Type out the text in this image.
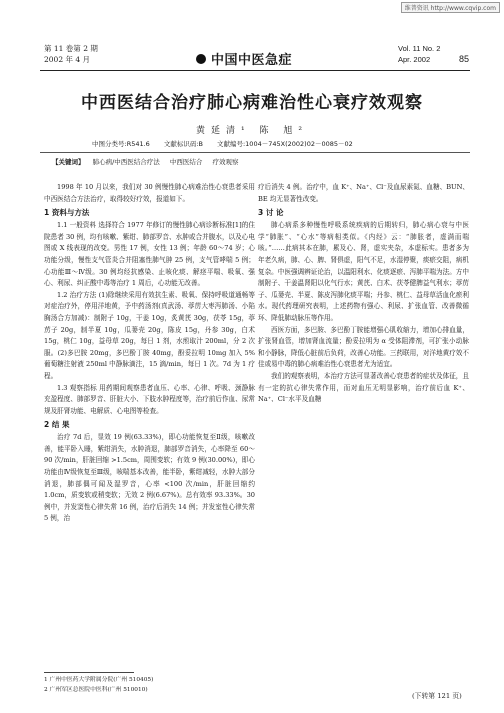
维普资讯 http://www.cqvip.com
第 11 卷第 2 期
2002 年 4 月	中国中医急症
Vol. 11 No. 2
Apr. 2002	85
中西医结合治疗肺心病难治性心衰疗效观察
黄延清¹ 陈 旭²
中图分类号:R541.6 文献标识码:B 文献编号:1004－745X(2002)02－0085－02
【关键词】 肺心病/中西医结合疗法 中西医结合 疗效观察

1998 年 10 月以来，我们对 30 例慢性肺心病难治性心衰患者采用中西医结合方法治疗，取得较好疗效，报道如下。

1 资料与方法

1.1 一般资料 选择符合 1977 年修订的慢性肺心病诊断标准[1]的住院患者 30 例，均有咳嗽、紫绀、肺部罗音、水肿或合并腹水，以及心电图或 X 线表现的改变。男性 17 例，女性 13 例；年龄 60～74 岁；心功能分级，慢性支气管炎合并阻塞性肺气肿 25 例，支气管哮喘 5 例；心功能Ⅲ～Ⅳ级。30 例均经抗感染、止咳化痰、解痉平喘、吸氧、强心、利尿、纠正酸中毒等治疗 1 周后，心功能无改善。

1.2 治疗方法 (1)除继续采用有效抗生素、吸氧、保持呼吸道通畅等对症治疗外，停用洋地黄，予中药汤剂(真武汤、葶苈大枣泻肺汤、小陷胸汤合方加减)：制附子 10g，干姜 10g，炙黄芪 30g，茯苓 15g，葶苈子 20g，制半夏 10g，瓜蒌壳 20g，陈皮 15g，丹参 30g，白术 15g，桃仁 10g，益母草 20g，每日 1 剂，水煎取汁 200ml，分 2 次服。(2)多巴胺 20mg，多巴酚丁胺 40mg，酚妥拉明 10mg 加入 5% 葡萄糖注射液 250ml 中静脉滴注，15 滴/min，每日 1 次。7d 为 1 疗程。

1.3 观察指标 用药期间观察患者血压、心率、心律、呼吸、颈静脉充盈程度、肺部罗音、肝脏大小、下肢水肿程度等，治疗前后作血、尿常规及肝肾功能、电解质、心电图等检查。

2 结 果

治疗 7d 后，显效 19 例(63.33%)，即心功能恢复至Ⅱ级，咳嗽改善，能平卧入睡，紫绀消失，水肿消退，肺部罗音消失，心率降至 60～90 次/min，肝脏回缩 >1.5cm，周围变软；有效 9 例(30.00%)，即心功能由Ⅳ级恢复至Ⅲ级，咳喘基本改善，能半卧，紫绀减轻，水肿大部分消退，肺部偶可闻及湿罗音，心率 <100 次/min，肝脏回缩约 1.0cm，质变软或稍变软；无效 2 例(6.67%)。总有效率 93.33%。30 例中，并发窦性心律失常 16 例，治疗后消失 14 例；并发室性心律失常 5 例，治

疗后消失 4 例。治疗中，血 K⁺、Na⁺、Cl⁻及血尿素氮、血糖、BUN、BE 均无显著性改变。

3 讨 论

肺心病系多种慢性呼吸系统疾病的后期转归，肺心病心衰与中医学“肺胀”、“心水”等病相类似。《内经》云：“肺胀者，虚满而喘咳。”……此病其本在肺，累及心、肾，虚实夹杂，本虚标实。患者多为年老久病，肺、心、脾、肾俱虚，阳气不足，水湿停聚，痰瘀交阻，病机复杂。中医强调辨证论治，以温阳利水、化痰逐瘀、泻肺平喘为法。方中制附子、干姜温肾阳以化气行水；黄芪、白术、茯苓健脾益气利水；葶苈子、瓜蒌壳、半夏、陈皮泻肺化痰平喘；丹参、桃仁、益母草活血化瘀利水。现代药理研究表明，上述药物有强心、利尿、扩张血管、改善微循环、降低肺动脉压等作用。

西医方面，多巴胺、多巴酚丁胺能增强心肌收缩力，增加心排血量，扩张肾血管，增加肾血流量；酚妥拉明为 α 受体阻滞剂，可扩张小动脉和小静脉，降低心脏前后负荷，改善心功能。三药联用，对洋地黄疗效不佳或易中毒的肺心病难治性心衰患者尤为适宜。

我们的观察表明，本治疗方法可显著改善心衰患者的症状及体征，且有一定的抗心律失常作用，而对血压无明显影响，治疗前后血 K⁺、Na⁺、Cl⁻水平及血糖

1 广州中医药大学附属分院(广州 510405)
2 广州军区总医院中医科(广州 510010)
(下转第 121 页)
